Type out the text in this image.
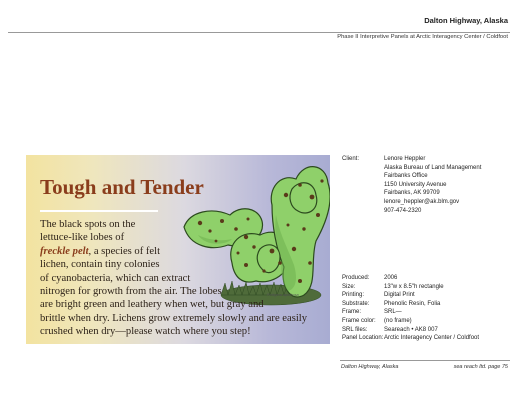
Dalton Highway, Alaska
Phase II Interpretive Panels at Arctic Interagency Center / Coldfoot
Tough and Tender
The black spots on the
lettuce-like lobes of
freckle pelt, a species of felt
lichen, contain tiny colonies
of cyanobacteria, which can extract
nitrogen for growth from the air. The lobes
are bright green and leathery when wet, but gray and
brittle when dry. Lichens grow extremely slowly and are easily
crushed when dry—please watch where you step!
Peltigera aphthosa
Client:	Lenore Heppler
Alaska Bureau of Land Management
Fairbanks Office
1150 University Avenue
Fairbanks, AK 99709
lenore_heppler@ak.blm.gov
907-474-2320
Produced: 2006
Size:	13"w x 8.5"h rectangle
Printing:	Digital Print
Substrate: Phenolic Resin, Folia
Frame:	SRL—
Frame color: (no frame)
SRL files:	Seareach • AK8 007
Panel Location: Arctic Interagency Center / Coldfoot
Dalton Highway, Alaska	sea reach ltd. page 75
